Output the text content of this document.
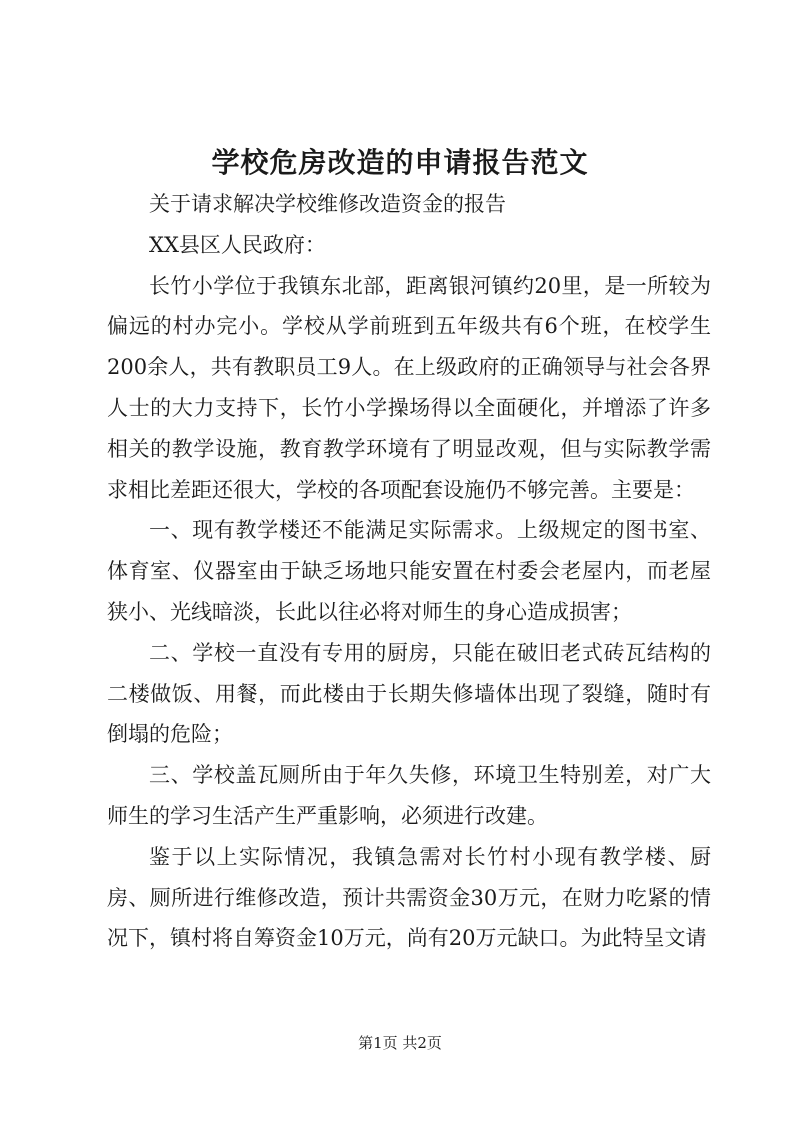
学校危房改造的申请报告范文

关于请求解决学校维修改造资金的报告

XX县区人民政府：

长竹小学位于我镇东北部，距离银河镇约20里，是一所较为偏远的村办完小。学校从学前班到五年级共有6个班，在校学生200余人，共有教职员工9人。在上级政府的正确领导与社会各界人士的大力支持下，长竹小学操场得以全面硬化，并增添了许多相关的教学设施，教育教学环境有了明显改观，但与实际教学需求相比差距还很大，学校的各项配套设施仍不够完善。主要是：

一、现有教学楼还不能满足实际需求。上级规定的图书室、体育室、仪器室由于缺乏场地只能安置在村委会老屋内，而老屋狭小、光线暗淡，长此以往必将对师生的身心造成损害；

二、学校一直没有专用的厨房，只能在破旧老式砖瓦结构的二楼做饭、用餐，而此楼由于长期失修墙体出现了裂缝，随时有倒塌的危险；

三、学校盖瓦厕所由于年久失修，环境卫生特别差，对广大师生的学习生活产生严重影响，必须进行改建。

鉴于以上实际情况，我镇急需对长竹村小现有教学楼、厨房、厕所进行维修改造，预计共需资金30万元，在财力吃紧的情况下，镇村将自筹资金10万元，尚有20万元缺口。为此特呈文请

第1页 共2页
